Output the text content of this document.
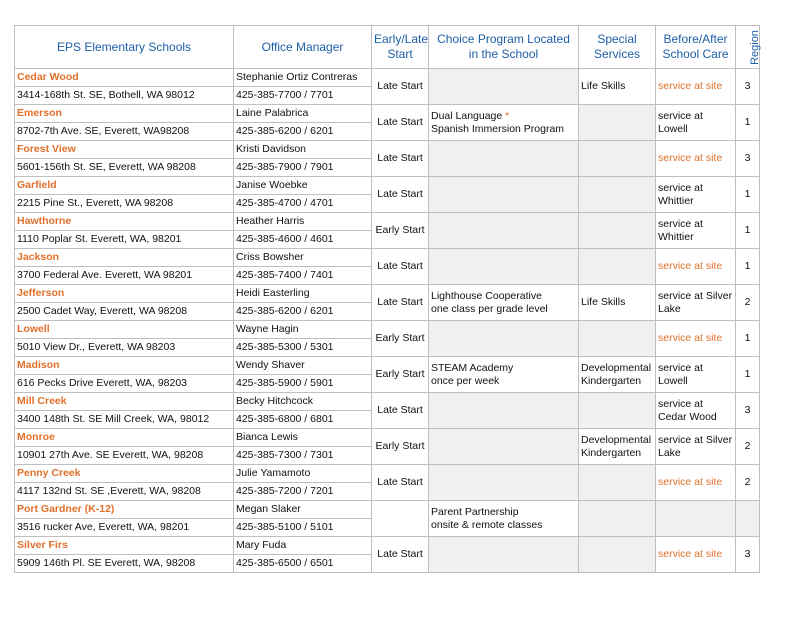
EPS Elementary Schools	Office Manager	Early/Late Start	Choice Program Located in the School	Special Services	Before/After School Care	Region
Cedar Wood	Stephanie Ortiz Contreras	Late Start		Life Skills	service at site	3
3414-168th St. SE, Bothell, WA 98012	425-385-7700 / 7701					
Emerson	Laine Palabrica	Late Start	Dual Language *
Spanish Immersion Program		service at Lowell	1
8702-7th Ave. SE, Everett, WA98208	425-385-6200 / 6201					
Forest View	Kristi Davidson	Late Start			service at site	3
5601-156th St. SE, Everett, WA 98208	425-385-7900 / 7901					
Garfield	Janise Woebke	Late Start			service at Whittier	1
2215 Pine St., Everett, WA 98208	425-385-4700 / 4701					
Hawthorne	Heather Harris	Early Start			service at Whittier	1
1110 Poplar St. Everett, WA, 98201	425-385-4600 / 4601					
Jackson	Criss Bowsher	Late Start			service at site	1
3700 Federal Ave. Everett, WA 98201	425-385-7400 / 7401					
Jefferson	Heidi Easterling	Late Start	Lighthouse Cooperative
one class per grade level	Life Skills	service at Silver Lake	2
2500 Cadet Way, Everett, WA 98208	425-385-6200 / 6201					
Lowell	Wayne Hagin	Early Start			service at site	1
5010 View Dr., Everett, WA 98203	425-385-5300 / 5301					
Madison	Wendy Shaver	Early Start	STEAM Academy
once per week	Developmental Kindergarten	service at Lowell	1
616 Pecks Drive Everett, WA, 98203	425-385-5900 / 5901					
Mill Creek	Becky Hitchcock	Late Start			service at Cedar Wood	3
3400 148th St. SE Mill Creek, WA, 98012	425-385-6800 / 6801					
Monroe	Bianca Lewis	Early Start		Developmental Kindergarten	service at Silver Lake	2
10901 27th Ave. SE Everett, WA, 98208	425-385-7300 / 7301					
Penny Creek	Julie Yamamoto	Late Start			service at site	2
4117 132nd St. SE ,Everett, WA, 98208	425-385-7200 / 7201					
Port Gardner (K-12)	Megan Slaker		Parent Partnership
onsite & remote classes			
3516 rucker Ave, Everett, WA, 98201	425-385-5100 / 5101					
Silver Firs	Mary Fuda	Late Start			service at site	3
5909 146th Pl. SE Everett, WA, 98208	425-385-6500 / 6501					
